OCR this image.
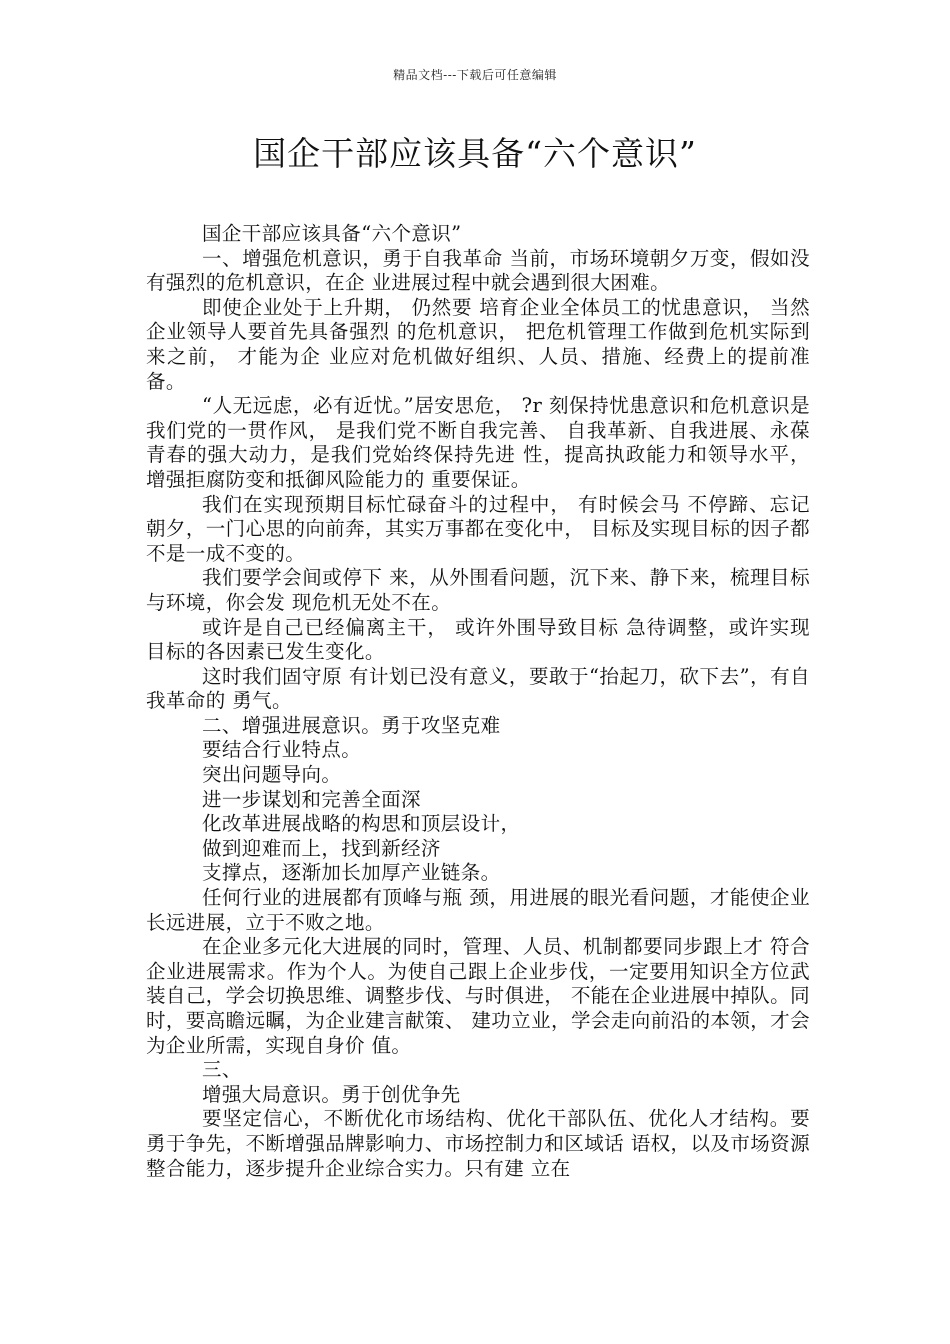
精品文档---下载后可任意编辑
国企干部应该具备“六个意识”

国企干部应该具备“六个意识”

一、增强危机意识，勇于自我革命 当前，市场环境朝夕万变，假如没有强烈的危机意识，在企 业进展过程中就会遇到很大困难。

即使企业处于上升期， 仍然要 培育企业全体员工的忧患意识， 当然企业领导人要首先具备强烈 的危机意识， 把危机管理工作做到危机实际到来之前， 才能为企 业应对危机做好组织、人员、措施、经费上的提前准备。

“人无远虑，必有近忧。”居安思危， ?r 刻保持忧患意识和危机意识是我们党的一贯作风， 是我们党不断自我完善、 自我革新、自我进展、永葆青春的强大动力，是我们党始终保持先进 性，提高执政能力和领导水平， 增强拒腐防变和抵御风险能力的 重要保证。

我们在实现预期目标忙碌奋斗的过程中， 有时候会马 不停蹄、忘记朝夕，一门心思的向前奔，其实万事都在变化中， 目标及实现目标的因子都不是一成不变的。

我们要学会间或停下 来，从外围看问题，沉下来、静下来，梳理目标与环境，你会发 现危机无处不在。

或许是自己已经偏离主干， 或许外围导致目标 急待调整，或许实现目标的各因素已发生变化。

这时我们固守原 有计划已没有意义，要敢于“抬起刀，砍下去”，有自我革命的 勇气。

二、增强进展意识。勇于攻坚克难

要结合行业特点。

突出问题导向。

进一步谋划和完善全面深

化改革进展战略的构思和顶层设计，

做到迎难而上，找到新经济

支撑点，逐渐加长加厚产业链条。

任何行业的进展都有顶峰与瓶 颈，用进展的眼光看问题，才能使企业长远进展，立于不败之地。

在企业多元化大进展的同时，管理、人员、机制都要同步跟上才 符合企业进展需求。作为个人。为使自己跟上企业步伐，一定要用知识全方位武装自己，学会切换思维、调整步伐、与时俱进， 不能在企业进展中掉队。同时，要高瞻远瞩，为企业建言献策、 建功立业，学会走向前沿的本领，才会为企业所需，实现自身价 值。

三、

增强大局意识。勇于创优争先

要坚定信心，不断优化市场结构、优化干部队伍、优化人才结构。要勇于争先，不断增强品牌影响力、市场控制力和区域话 语权，以及市场资源整合能力，逐步提升企业综合实力。只有建 立在
